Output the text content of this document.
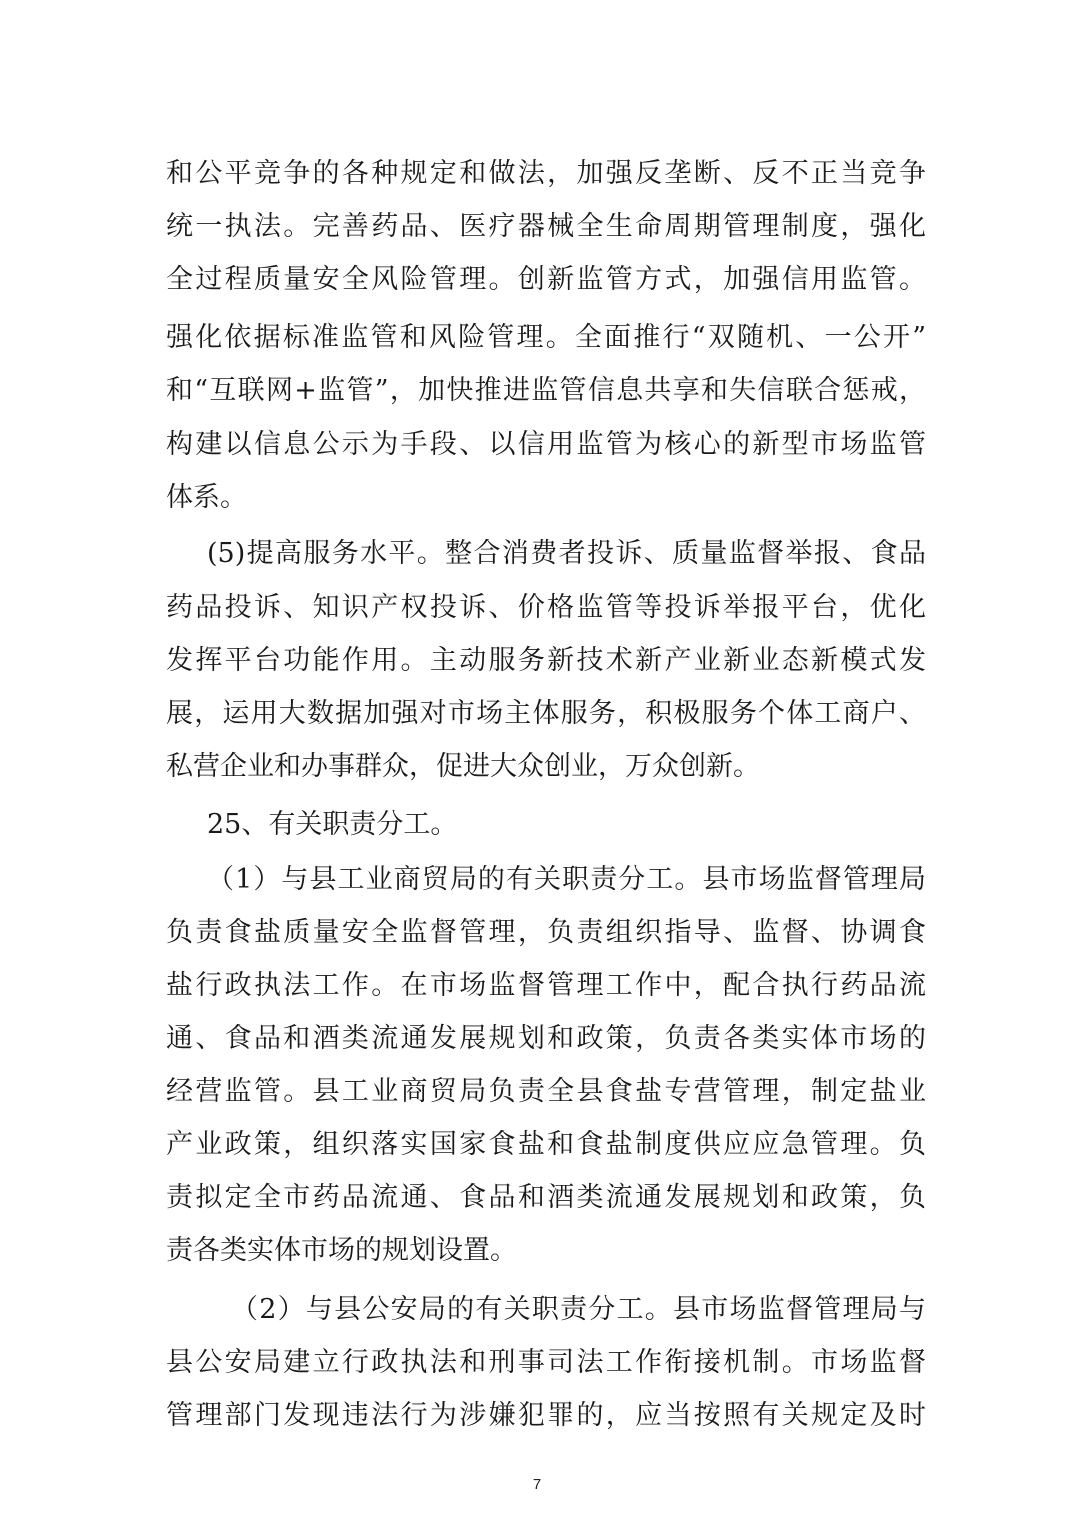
和公平竞争的各种规定和做法，加强反垄断、反不正当竞争
统一执法。完善药品、医疗器械全生命周期管理制度，强化
全过程质量安全风险管理。创新监管方式，加强信用监管。
强化依据标准监管和风险管理。全面推行“双随机、一公开”
和“互联网+监管”，加快推进监管信息共享和失信联合惩戒，
构建以信息公示为手段、以信用监管为核心的新型市场监管
体系。
(5)提高服务水平。整合消费者投诉、质量监督举报、食品
药品投诉、知识产权投诉、价格监管等投诉举报平台，优化
发挥平台功能作用。主动服务新技术新产业新业态新模式发
展，运用大数据加强对市场主体服务，积极服务个体工商户、
私营企业和办事群众，促进大众创业，万众创新。
25、有关职责分工。
（1）与县工业商贸局的有关职责分工。县市场监督管理局
负责食盐质量安全监督管理，负责组织指导、监督、协调食
盐行政执法工作。在市场监督管理工作中，配合执行药品流
通、食品和酒类流通发展规划和政策，负责各类实体市场的
经营监管。县工业商贸局负责全县食盐专营管理，制定盐业
产业政策，组织落实国家食盐和食盐制度供应应急管理。负
责拟定全市药品流通、食品和酒类流通发展规划和政策，负
责各类实体市场的规划设置。
（2）与县公安局的有关职责分工。县市场监督管理局与
县公安局建立行政执法和刑事司法工作衔接机制。市场监督
管理部门发现违法行为涉嫌犯罪的，应当按照有关规定及时
7
